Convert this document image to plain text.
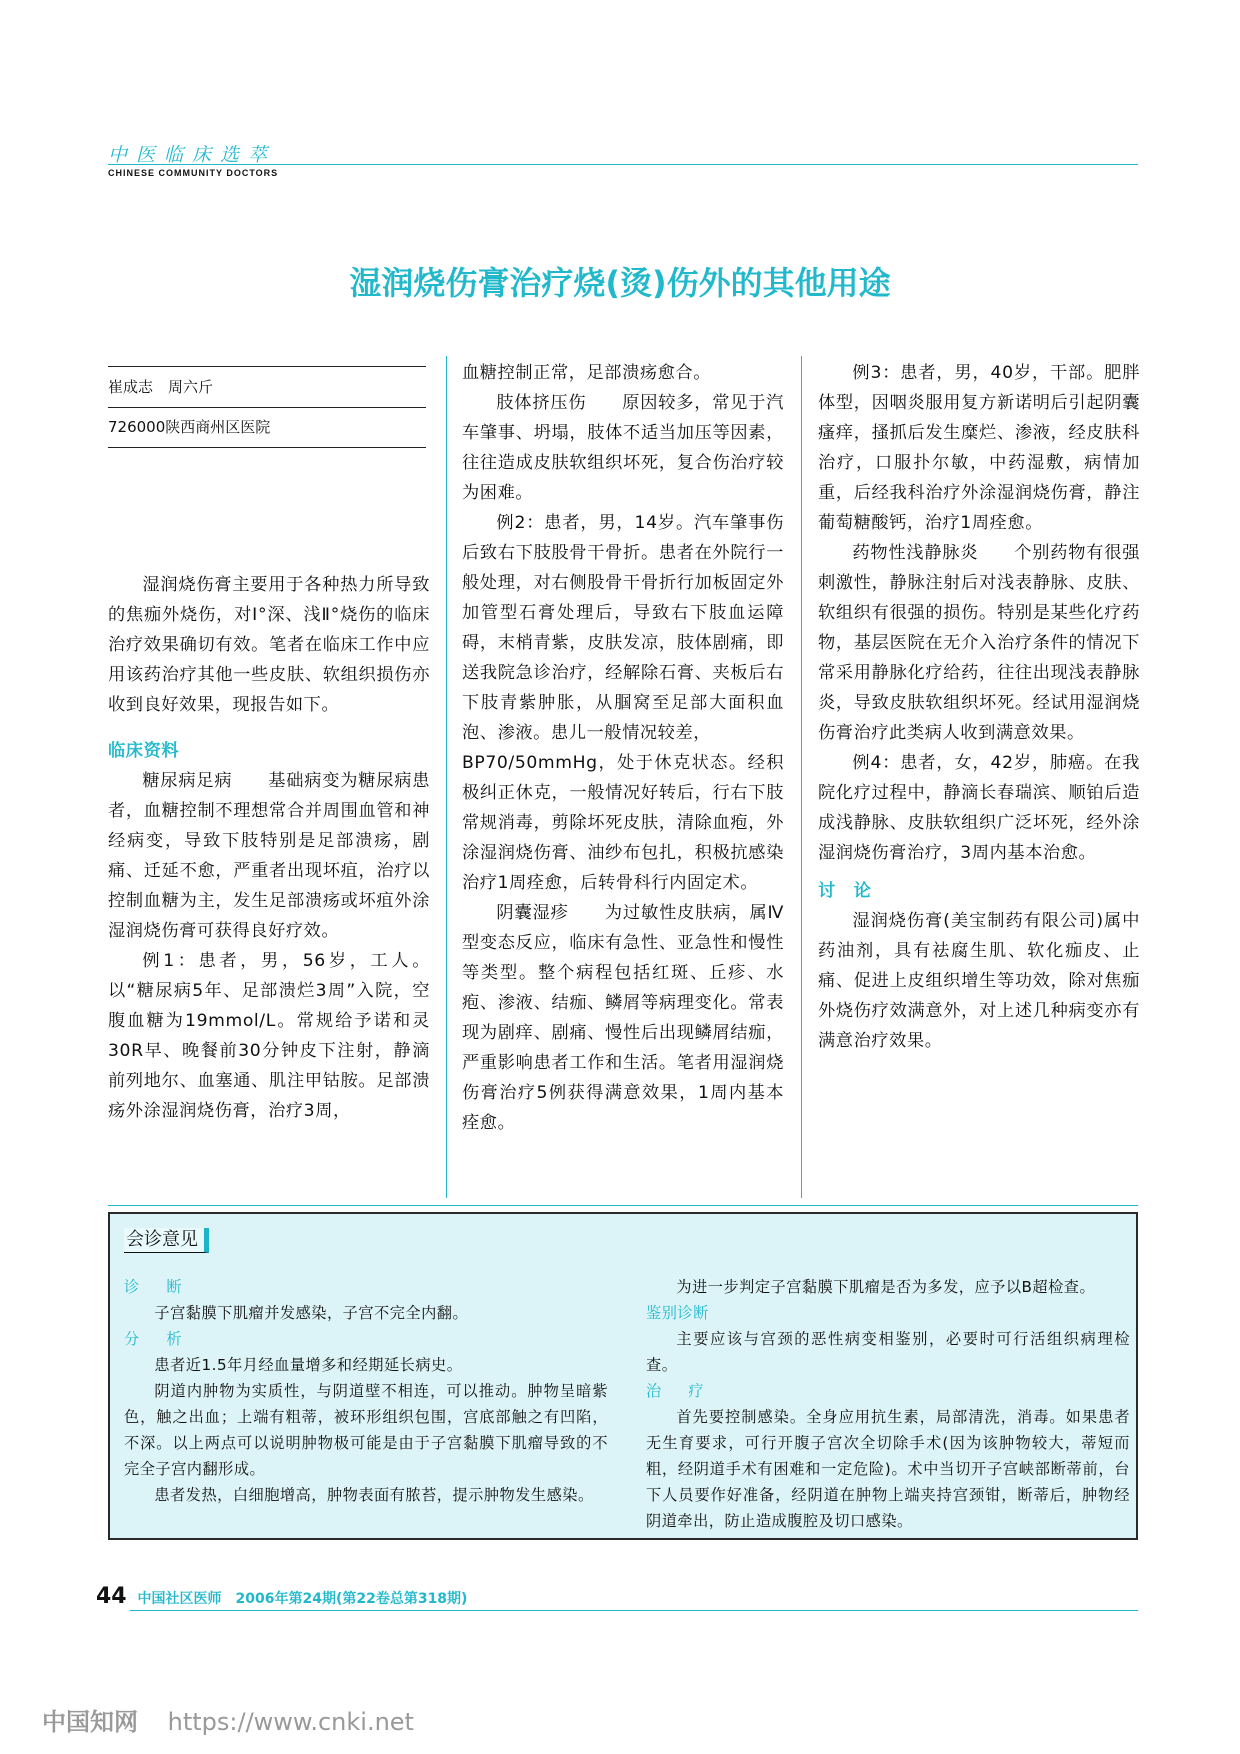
中医临床选萃
CHINESE COMMUNITY DOCTORS
湿润烧伤膏治疗烧(烫)伤外的其他用途
崔成志　周六斤
726000陕西商州区医院

湿润烧伤膏主要用于各种热力所导致的焦痂外烧伤，对Ⅰ°深、浅Ⅱ°烧伤的临床治疗效果确切有效。笔者在临床工作中应用该药治疗其他一些皮肤、软组织损伤亦收到良好效果，现报告如下。

临床资料

糖尿病足病　　基础病变为糖尿病患者，血糖控制不理想常合并周围血管和神经病变，导致下肢特别是足部溃疡，剧痛、迁延不愈，严重者出现坏疽，治疗以控制血糖为主，发生足部溃疡或坏疽外涂湿润烧伤膏可获得良好疗效。

例1：患者，男，56岁，工人。以“糖尿病5年、足部溃烂3周”入院，空腹血糖为19mmol/L。常规给予诺和灵30R早、晚餐前30分钟皮下注射，静滴前列地尔、血塞通、肌注甲钴胺。足部溃疡外涂湿润烧伤膏，治疗3周，

血糖控制正常，足部溃疡愈合。

肢体挤压伤　　原因较多，常见于汽车肇事、坍塌，肢体不适当加压等因素，往往造成皮肤软组织坏死，复合伤治疗较为困难。

例2：患者，男，14岁。汽车肇事伤后致右下肢股骨干骨折。患者在外院行一般处理，对右侧股骨干骨折行加板固定外加管型石膏处理后，导致右下肢血运障碍，末梢青紫，皮肤发凉，肢体剧痛，即送我院急诊治疗，经解除石膏、夹板后右下肢青紫肿胀，从腘窝至足部大面积血泡、渗液。患儿一般情况较差，

BP70/50mmHg，处于休克状态。经积极纠正休克，一般情况好转后，行右下肢常规消毒，剪除坏死皮肤，清除血疱，外涂湿润烧伤膏、油纱布包扎，积极抗感染治疗1周痊愈，后转骨科行内固定术。

阴囊湿疹　　为过敏性皮肤病，属Ⅳ型变态反应，临床有急性、亚急性和慢性等类型。整个病程包括红斑、丘疹、水疱、渗液、结痂、鳞屑等病理变化。常表现为剧痒、剧痛、慢性后出现鳞屑结痂，严重影响患者工作和生活。笔者用湿润烧伤膏治疗5例获得满意效果，1周内基本痊愈。

例3：患者，男，40岁，干部。肥胖体型，因咽炎服用复方新诺明后引起阴囊瘙痒，搔抓后发生糜烂、渗液，经皮肤科治疗，口服扑尔敏，中药湿敷，病情加重，后经我科治疗外涂湿润烧伤膏，静注葡萄糖酸钙，治疗1周痊愈。

药物性浅静脉炎　　个别药物有很强刺激性，静脉注射后对浅表静脉、皮肤、软组织有很强的损伤。特别是某些化疗药物，基层医院在无介入治疗条件的情况下常采用静脉化疗给药，往往出现浅表静脉炎，导致皮肤软组织坏死。经试用湿润烧伤膏治疗此类病人收到满意效果。

例4：患者，女，42岁，肺癌。在我院化疗过程中，静滴长春瑞滨、顺铂后造成浅静脉、皮肤软组织广泛坏死，经外涂湿润烧伤膏治疗，3周内基本治愈。

讨　论

湿润烧伤膏(美宝制药有限公司)属中药油剂，具有祛腐生肌、软化痂皮、止痛、促进上皮组织增生等功效，除对焦痂外烧伤疗效满意外，对上述几种病变亦有满意治疗效果。

会诊意见

诊　断

子宫黏膜下肌瘤并发感染，子宫不完全内翻。

分　析

患者近1.5年月经血量增多和经期延长病史。

阴道内肿物为实质性，与阴道壁不相连，可以推动。肿物呈暗紫色，触之出血；上端有粗蒂，被环形组织包围，宫底部触之有凹陷，不深。以上两点可以说明肿物极可能是由于子宫黏膜下肌瘤导致的不完全子宫内翻形成。

患者发热，白细胞增高，肿物表面有脓苔，提示肿物发生感染。

为进一步判定子宫黏膜下肌瘤是否为多发，应予以B超检查。

鉴别诊断

主要应该与宫颈的恶性病变相鉴别，必要时可行活组织病理检查。

治　疗

首先要控制感染。全身应用抗生素，局部清洗，消毒。如果患者无生育要求，可行开腹子宫次全切除手术(因为该肿物较大，蒂短而粗，经阴道手术有困难和一定危险)。术中当切开子宫峡部断蒂前，台下人员要作好准备，经阴道在肿物上端夹持宫颈钳，断蒂后，肿物经阴道牵出，防止造成腹腔及切口感染。

44 中国社区医师　2006年第24期(第22卷总第318期)
中国知网 https://www.cnki.net
